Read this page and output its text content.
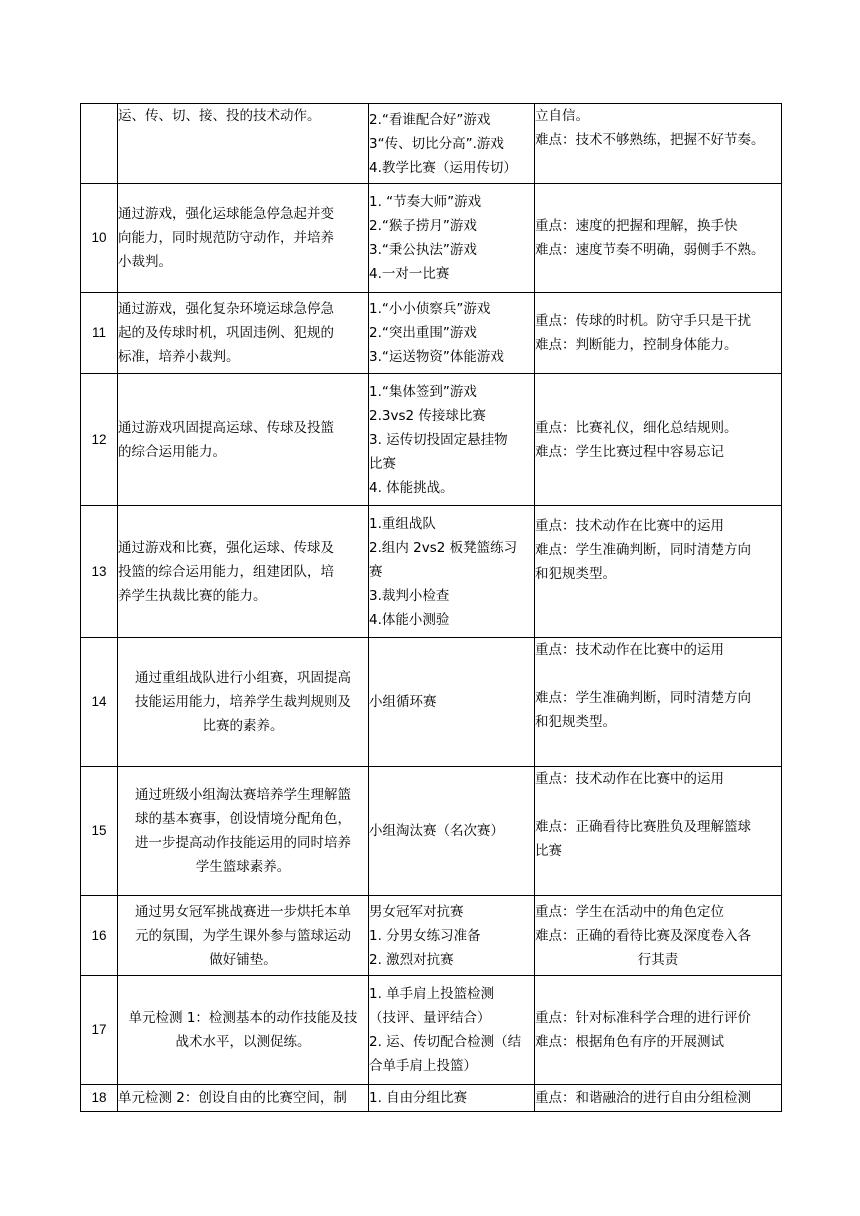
	运、传、切、接、投的技术动作。	2.“看谁配合好”游戏
3“传、切比分高”.游戏
4.教学比赛（运用传切）	立自信。
难点：技术不够熟练，把握不好节奏。

10	通过游戏，强化运球能急停急起并变
向能力，同时规范防守动作，并培养
小裁判。	1. “节奏大师”游戏
2.“猴子捞月”游戏
3.“秉公执法”游戏
4.一对一比赛	重点：速度的把握和理解，换手快
难点：速度节奏不明确，弱侧手不熟。

11	通过游戏，强化复杂环境运球急停急
起的及传球时机，巩固违例、犯规的
标准，培养小裁判。	1.“小小侦察兵”游戏
2.“突出重围”游戏
3.“运送物资”体能游戏	重点：传球的时机。防守手只是干扰
难点：判断能力，控制身体能力。

12	通过游戏巩固提高运球、传球及投篮
的综合运用能力。	1.“集体签到”游戏
2.3vs2 传接球比赛
3. 运传切投固定悬挂物
比赛
4. 体能挑战。	重点：比赛礼仪，细化总结规则。
难点：学生比赛过程中容易忘记

13	通过游戏和比赛，强化运球、传球及
投篮的综合运用能力，组建团队，培
养学生执裁比赛的能力。	1.重组战队
2.组内 2vs2 板凳篮练习
赛
3.裁判小检查
4.体能小测验	重点：技术动作在比赛中的运用
难点：学生准确判断，同时清楚方向
和犯规类型。

14	通过重组战队进行小组赛，巩固提高
技能运用能力，培养学生裁判规则及
比赛的素养。	小组循环赛	重点：技术动作在比赛中的运用
难点：学生准确判断，同时清楚方向
和犯规类型。

15	通过班级小组淘汰赛培养学生理解篮
球的基本赛事，创设情境分配角色，
进一步提高动作技能运用的同时培养
学生篮球素养。	小组淘汰赛（名次赛）	重点：技术动作在比赛中的运用
难点：正确看待比赛胜负及理解篮球
比赛

16	通过男女冠军挑战赛进一步烘托本单
元的氛围，为学生课外参与篮球运动
做好铺垫。	男女冠军对抗赛
1. 分男女练习准备
2. 激烈对抗赛	重点：学生在活动中的角色定位
难点：正确的看待比赛及深度卷入各
行其责

17	单元检测 1：检测基本的动作技能及技
战术水平，以测促练。	1. 单手肩上投篮检测
（技评、量评结合）
2. 运、传切配合检测（结
合单手肩上投篮）	重点：针对标准科学合理的进行评价
难点：根据角色有序的开展测试

18	单元检测 2：创设自由的比赛空间，制	1. 自由分组比赛	重点：和谐融洽的进行自由分组检测
